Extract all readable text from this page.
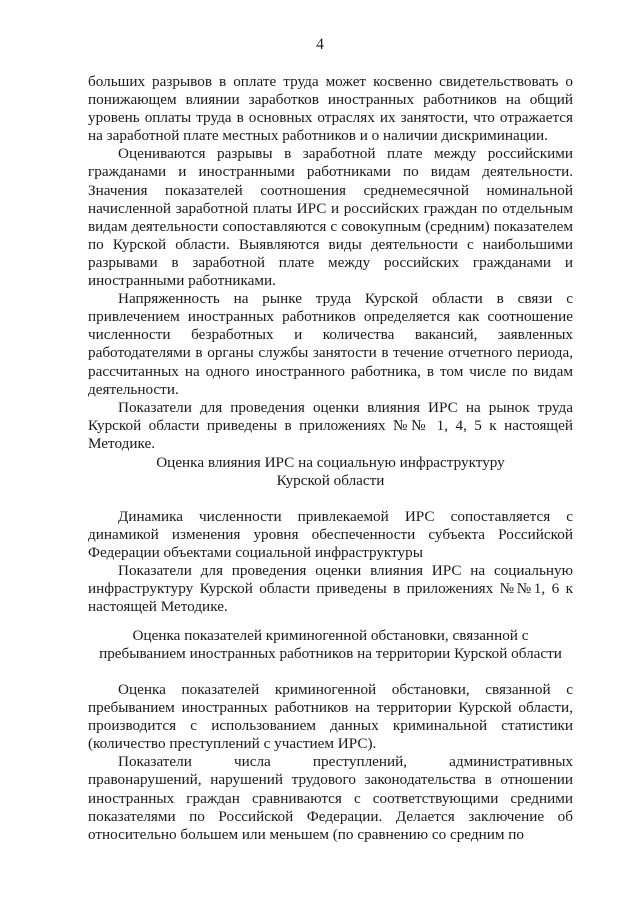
4

больших разрывов в оплате труда может косвенно свидетельствовать о понижающем влиянии заработков иностранных работников на общий уровень оплаты труда в основных отраслях их занятости, что отражается на заработной плате местных работников и о наличии дискриминации.

Оцениваются разрывы в заработной плате между российскими гражданами и иностранными работниками по видам деятельности. Значения показателей соотношения среднемесячной номинальной начисленной заработной платы ИРС и российских граждан по отдельным видам деятельности сопоставляются с совокупным (средним) показателем по Курской области. Выявляются виды деятельности с наибольшими разрывами в заработной плате между российских гражданами и иностранными работниками.

Напряженность на рынке труда Курской области в связи с привлечением иностранных работников определяется как соотношение численности безработных и количества вакансий, заявленных работодателями в органы службы занятости в течение отчетного периода, рассчитанных на одного иностранного работника, в том числе по видам деятельности.

Показатели для проведения оценки влияния ИРС на рынок труда Курской области приведены в приложениях №№ 1, 4, 5 к настоящей Методике.

Оценка влияния ИРС на социальную инфраструктуру

Курской области

Динамика численности привлекаемой ИРС сопоставляется с динамикой изменения уровня обеспеченности субъекта Российской Федерации объектами социальной инфраструктуры

Показатели для проведения оценки влияния ИРС на социальную инфраструктуру Курской области приведены в приложениях №№1, 6 к настоящей Методике.

Оценка показателей криминогенной обстановки, связанной с

пребыванием иностранных работников на территории Курской области

Оценка показателей криминогенной обстановки, связанной с пребыванием иностранных работников на территории Курской области, производится с использованием данных криминальной статистики (количество преступлений с участием ИРС).

Показатели числа преступлений, административных правонарушений, нарушений трудового законодательства в отношении иностранных граждан сравниваются с соответствующими средними показателями по Российской Федерации. Делается заключение об относительно большем или меньшем (по сравнению со средним по
